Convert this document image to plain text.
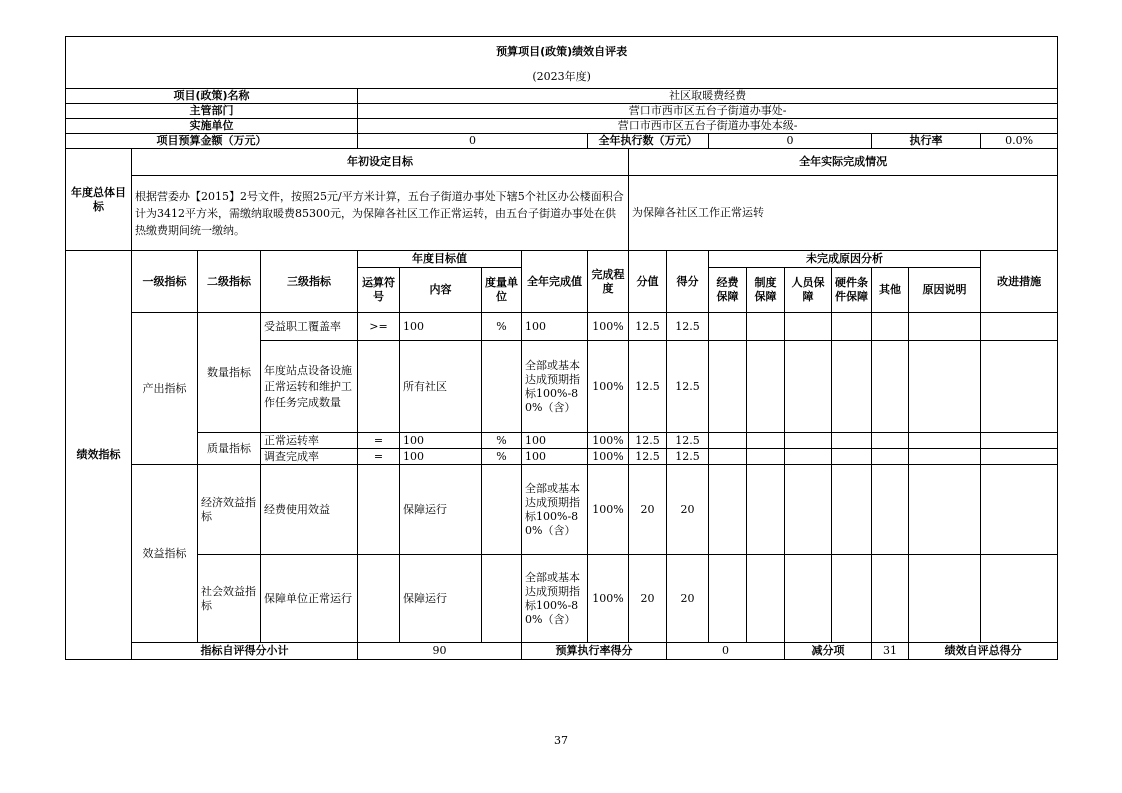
预算项目(政策)绩效自评表																		
(2023年度)																		
项目(政策)名称				社区取暖费经费														
主管部门				营口市西市区五台子街道办事处-														
实施单位				营口市西市区五台子街道办事处本级-														
项目预算金额（万元）				0				全年执行数（万元）			0				执行率		0.0%	
年度总体目标	年初设定目标								全年实际完成情况									
	根据营委办【2015】2号文件，按照25元/平方米计算，五台子街道办事处下辖5个社区办公楼面积合计为3412平方米，需缴纳取暖费85300元，为保障各社区工作正常运转，由五台子街道办事处在供热缴费期间统一缴纳。								为保障各社区工作正常运转									
绩效指标	一级指标	二级指标	三级指标	年度目标值			全年完成值	完成程度	分值	得分	未完成原因分析						改进措施	
				运算符号	内容	度量单位					经费保障	制度保障	人员保障	硬件条件保障	其他	原因说明		
	产出指标	数量指标	受益职工覆盖率	>=	100	%	100	100%	12.5	12.5								
			年度站点设备设施正常运转和维护工作任务完成数量		所有社区		全部或基本达成预期指标100%-80%（含）	100%	12.5	12.5								
		质量指标	正常运转率	=	100	%	100	100%	12.5	12.5								
			调查完成率	=	100	%	100	100%	12.5	12.5								
	效益指标	经济效益指标	经费使用效益		保障运行		全部或基本达成预期指标100%-80%（含）	100%	20	20								
		社会效益指标	保障单位正常运行		保障运行		全部或基本达成预期指标100%-80%（含）	100%	20	20								
	指标自评得分小计			90			预算执行率得分			0			减分项		31	绩效自评总得分	
37
